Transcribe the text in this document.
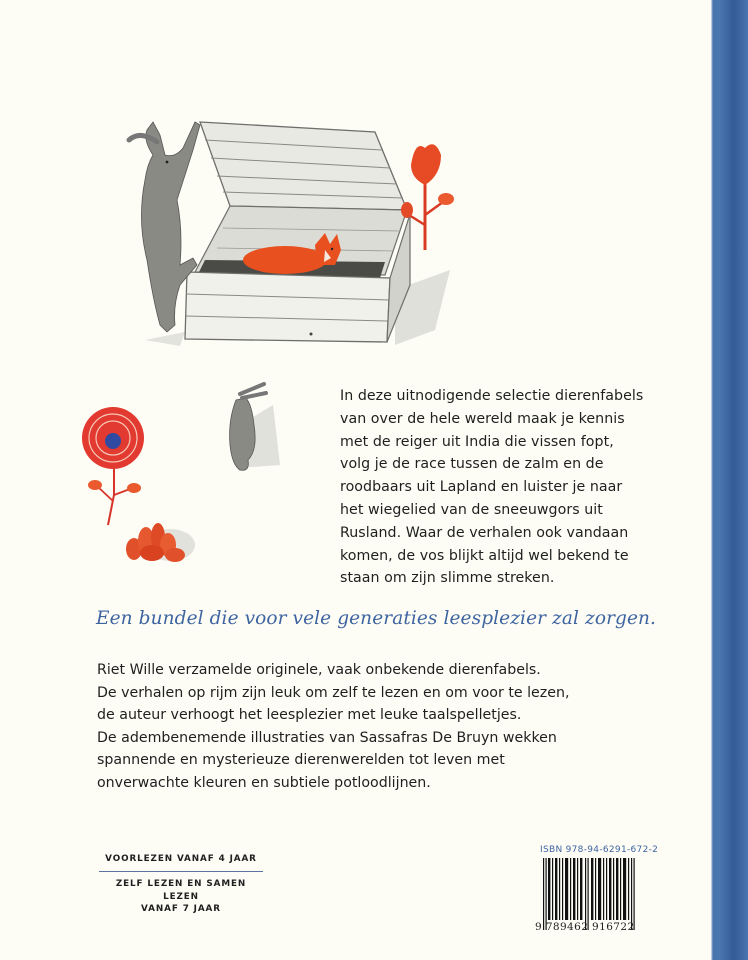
In deze uitnodigende selectie dierenfabels
van over de hele wereld maak je kennis
met de reiger uit India die vissen fopt,
volg je de race tussen de zalm en de
roodbaars uit Lapland en luister je naar
het wiegelied van de sneeuwgors uit
Rusland. Waar de verhalen ook vandaan
komen, de vos blijkt altijd wel bekend te
staan om zijn slimme streken.
Een bundel die voor vele generaties leesplezier zal zorgen.
Riet Wille verzamelde originele, vaak onbekende dierenfabels.
De verhalen op rijm zijn leuk om zelf te lezen en om voor te lezen,
de auteur verhoogt het leesplezier met leuke taalspelletjes.
De adembenemende illustraties van Sassafras De Bruyn wekken
spannende en mysterieuze dierenwerelden tot leven met
onverwachte kleuren en subtiele potloodlijnen.
VOORLEZEN VANAF 4 JAAR
ZELF LEZEN EN SAMEN LEZEN
VANAF 7 JAAR
ISBN 978-94-6291-672-2
9 789462 916722
